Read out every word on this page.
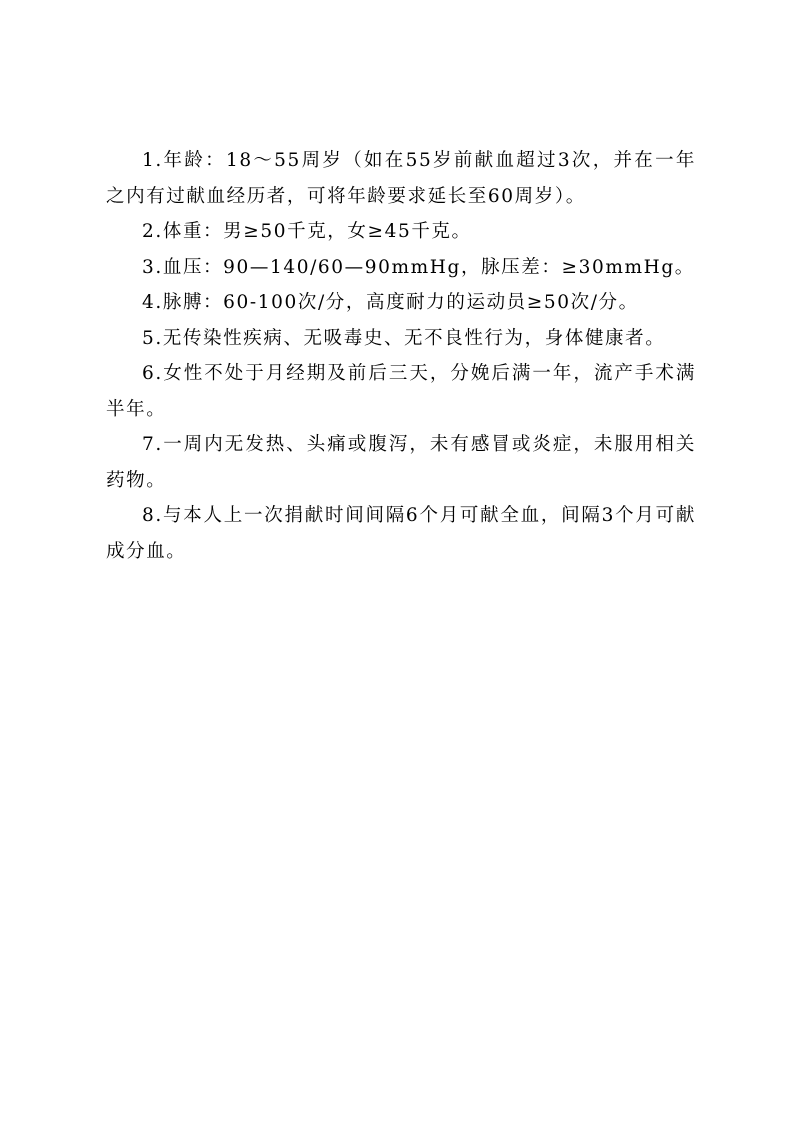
1.年龄：18～55周岁（如在55岁前献血超过3次，并在一年之内有过献血经历者，可将年龄要求延长至60周岁）。

2.体重：男≥50千克，女≥45千克。

3.血压：90—140/60—90mmHg，脉压差：≥30mmHg。

4.脉膊：60-100次/分，高度耐力的运动员≥50次/分。

5.无传染性疾病、无吸毒史、无不良性行为，身体健康者。

6.女性不处于月经期及前后三天，分娩后满一年，流产手术满半年。

7.一周内无发热、头痛或腹泻，未有感冒或炎症，未服用相关药物。

8.与本人上一次捐献时间间隔6个月可献全血，间隔3个月可献成分血。
